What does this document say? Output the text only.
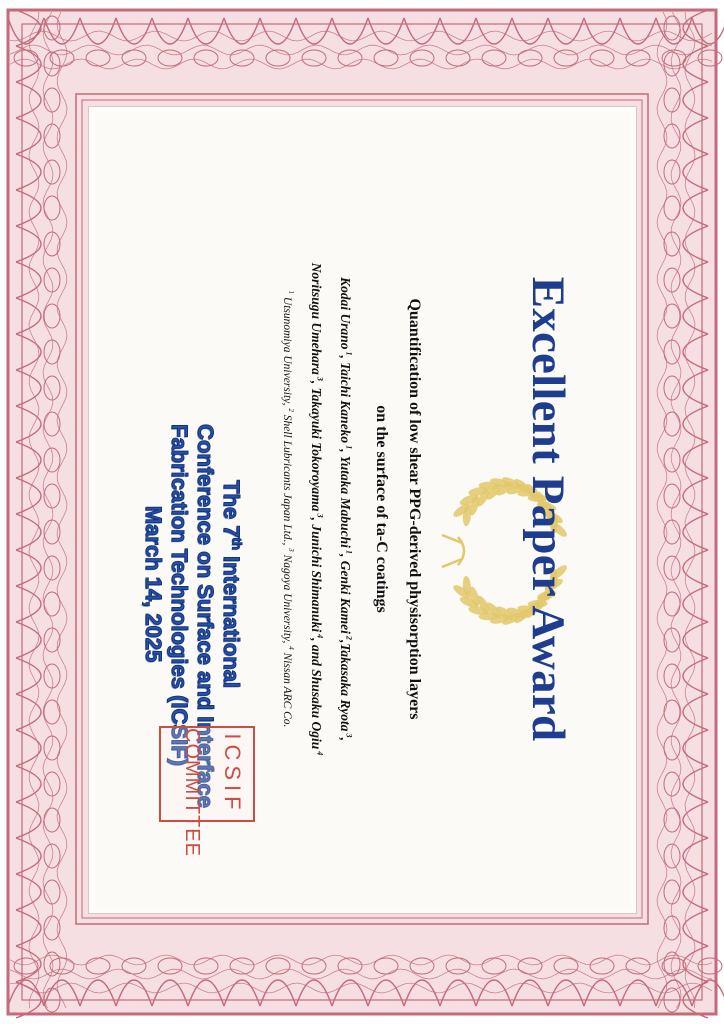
Excellent Paper Award
Quantification of low shear PPG-derived physisorption layers
on the surface of ta-C coatings
Kodai Urano $^1$, Taichi Kaneko $^1$, Yutaka Mabuchi $^1$, Genki Kamei $^2$,Takasaka Ryota $^3$,
Noritsugu Umehara $^3$, Takayuki Tokoroyama $^3$, Junichi Shimanuki $^4$, and Shusaku Ogiu $^4$
$^1$ Utsunomiya University, $^2$ Shell Lubricants Japan Ltd., $^3$ Nagoya University, $^4$ Nissan ARC Co.
The 7th International
Conference on Surface and Interface
Fabrication Technologies (ICSIF)
March 14, 2025
ICSIF
COMMITTEE
